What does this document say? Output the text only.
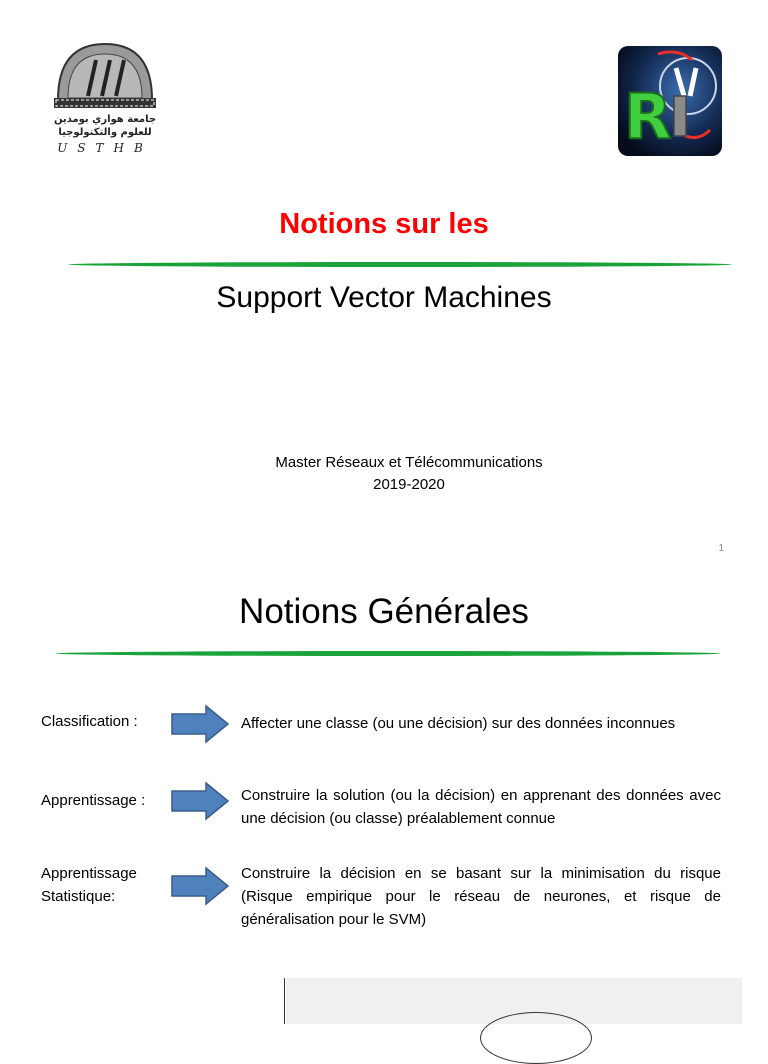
جامعة هواري بومدين
للعلوم والتكنولوجيا
USTHB	R
Notions sur les
Support Vector Machines
Master Réseaux et Télécommunications
2019-2020
1
Notions Générales
Classification :	Affecter une classe (ou une décision) sur des données inconnues
Apprentissage :	Construire la solution (ou la décision) en apprenant des données avec une décision (ou classe) préalablement connue
Apprentissage Statistique:
Construire la décision en se basant sur la minimisation du risque (Risque empirique pour le réseau de neurones, et risque de généralisation pour le SVM)
